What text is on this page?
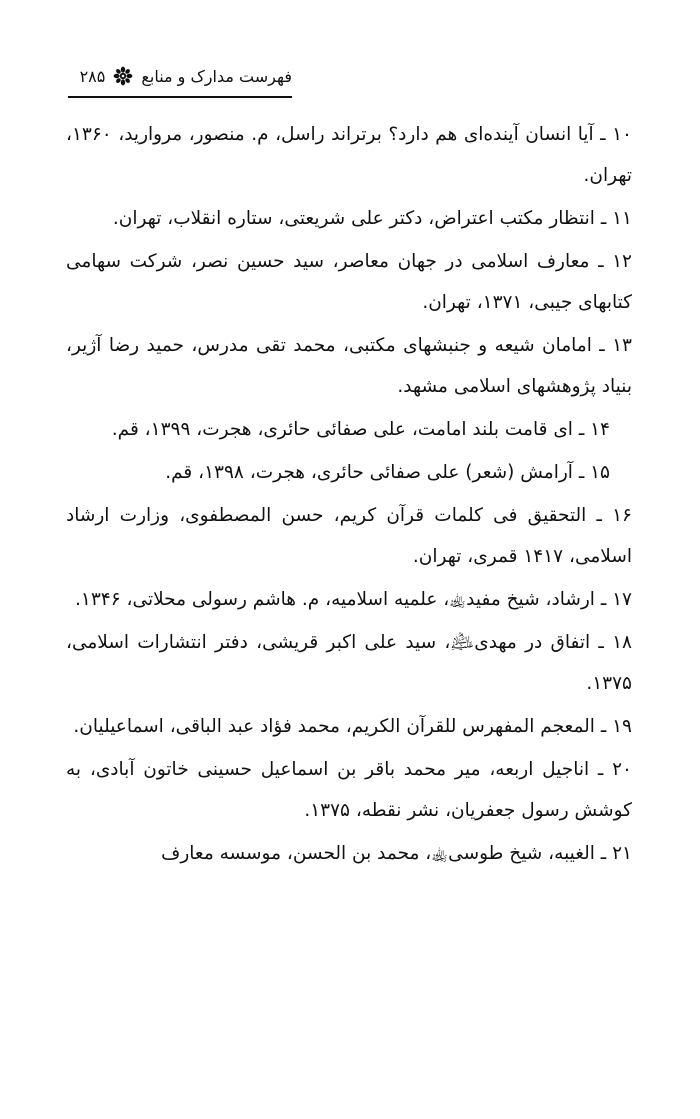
فهرست مدارک و منابع
۲۸۵
۱۰ ـ آیا انسان آینده‌ای هم دارد؟ برتراند راسل، م. منصور، مروارید، ۱۳۶۰، تهران.
۱۱ ـ انتظار مکتب اعتراض، دکتر علی شریعتی، ستاره انقلاب، تهران.
۱۲ ـ معارف اسلامی در جهان معاصر، سید حسین نصر، شرکت سهامی کتابهای جیبی، ۱۳۷۱، تهران.
۱۳ ـ امامان شیعه و جنبشهای مکتبی، محمد تقی مدرس، حمید رضا آژیر، بنیاد پژوهشهای اسلامی مشهد.
۱۴ ـ ای قامت بلند امامت، علی صفائی حائری، هجرت، ۱۳۹۹، قم.
۱۵ ـ آرامش (شعر) علی صفائی حائری، هجرت، ۱۳۹۸، قم.
۱۶ ـ التحقیق فی کلمات قرآن کریم، حسن المصطفوی، وزارت ارشاد اسلامی، ۱۴۱۷ قمری، تهران.
۱۷ ـ ارشاد، شیخ مفید﵀، علمیه اسلامیه، م. هاشم رسولی محلاتی، ۱۳۴۶.
۱۸ ـ اتفاق در مهدی﵇، سید علی اکبر قریشی، دفتر انتشارات اسلامی، ۱۳۷۵.
۱۹ ـ المعجم المفهرس للقرآن الکریم، محمد فؤاد عبد الباقی، اسماعیلیان.
۲۰ ـ اناجیل اربعه، میر محمد باقر بن اسماعیل حسینی خاتون آبادی، به کوشش رسول جعفریان، نشر نقطه، ۱۳۷۵.
۲۱ ـ الغیبه، شیخ طوسی﵀، محمد بن الحسن، موسسه معارف
